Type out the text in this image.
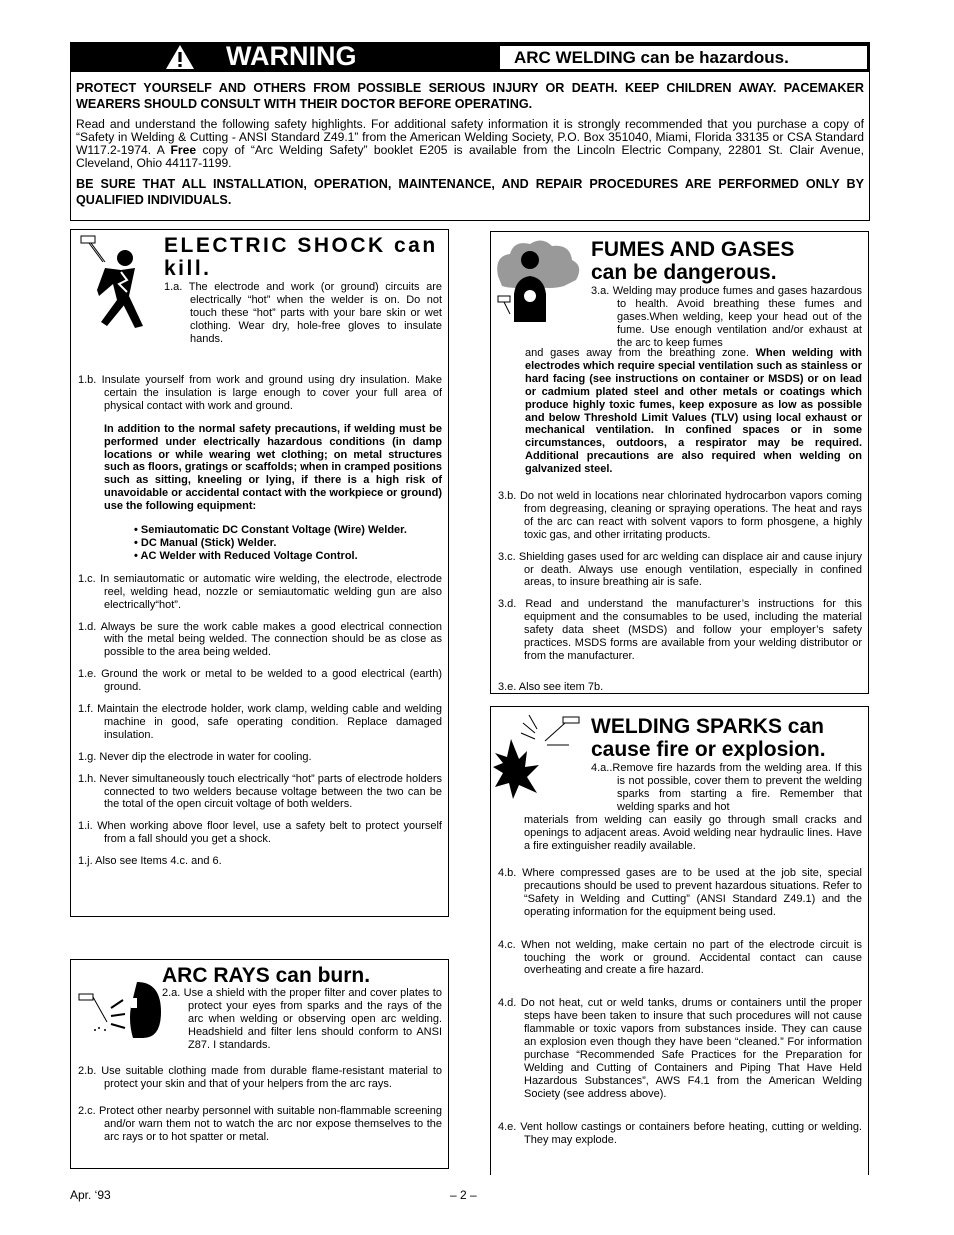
WARNING	ARC WELDING can be hazardous.

PROTECT YOURSELF AND OTHERS FROM POSSIBLE SERIOUS INJURY OR DEATH. KEEP CHILDREN AWAY. PACEMAKER WEARERS SHOULD CONSULT WITH THEIR DOCTOR BEFORE OPERATING.

Read and understand the following safety highlights. For additional safety information it is strongly recommended that you purchase a copy of “Safety in Welding & Cutting - ANSI Standard Z49.1” from the American Welding Society, P.O. Box 351040, Miami, Florida 33135 or CSA Standard W117.2-1974. A Free copy of “Arc Welding Safety” booklet E205 is available from the Lincoln Electric Company, 22801 St. Clair Avenue, Cleveland, Ohio 44117-1199.

BE SURE THAT ALL INSTALLATION, OPERATION, MAINTENANCE, AND REPAIR PROCEDURES ARE PERFORMED ONLY BY QUALIFIED INDIVIDUALS.

ELECTRIC SHOCK can kill.

1.a. The electrode and work (or ground) circuits are electrically “hot” when the welder is on. Do not touch these “hot” parts with your bare skin or wet clothing. Wear dry, hole-free gloves to insulate hands.

1.b. Insulate yourself from work and ground using dry insulation. Make certain the insulation is large enough to cover your full area of physical contact with work and ground.

In addition to the normal safety precautions, if welding must be performed under electrically hazardous conditions (in damp locations or while wearing wet clothing; on metal structures such as floors, gratings or scaffolds; when in cramped positions such as sitting, kneeling or lying, if there is a high risk of unavoidable or accidental contact with the workpiece or ground) use the following equipment:

• Semiautomatic DC Constant Voltage (Wire) Welder.

• DC Manual (Stick) Welder.

• AC Welder with Reduced Voltage Control.

1.c. In semiautomatic or automatic wire welding, the electrode, electrode reel, welding head, nozzle or semiautomatic welding gun are also electrically“hot”.

1.d. Always be sure the work cable makes a good electrical connection with the metal being welded. The connection should be as close as possible to the area being welded.

1.e. Ground the work or metal to be welded to a good electrical (earth) ground.

1.f. Maintain the electrode holder, work clamp, welding cable and welding machine in good, safe operating condition. Replace damaged insulation.

1.g. Never dip the electrode in water for cooling.

1.h. Never simultaneously touch electrically “hot” parts of electrode holders connected to two welders because voltage between the two can be the total of the open circuit voltage of both welders.

1.i. When working above floor level, use a safety belt to protect yourself from a fall should you get a shock.

1.j. Also see Items 4.c. and 6.

ARC RAYS can burn.

2.a. Use a shield with the proper filter and cover plates to protect your eyes from sparks and the rays of the arc when welding or observing open arc welding. Headshield and filter lens should conform to ANSI Z87. I standards.

2.b. Use suitable clothing made from durable flame-resistant material to protect your skin and that of your helpers from the arc rays.

2.c. Protect other nearby personnel with suitable non-flammable screening and/or warn them not to watch the arc nor expose themselves to the arc rays or to hot spatter or metal.

FUMES AND GASES
can be dangerous.

3.a. Welding may produce fumes and gases hazardous to health. Avoid breathing these fumes and gases.When welding, keep your head out of the fume. Use enough ventilation and/or exhaust at the arc to keep fumes

and gases away from the breathing zone. When welding with electrodes which require special ventilation such as stainless or hard facing (see instructions on container or MSDS) or on lead or cadmium plated steel and other metals or coatings which produce highly toxic fumes, keep exposure as low as possible and below Threshold Limit Values (TLV) using local exhaust or mechanical ventilation. In confined spaces or in some circumstances, outdoors, a respirator may be required. Additional precautions are also required when welding on galvanized steel.

3.b. Do not weld in locations near chlorinated hydrocarbon vapors coming from degreasing, cleaning or spraying operations. The heat and rays of the arc can react with solvent vapors to form phosgene, a highly toxic gas, and other irritating products.

3.c. Shielding gases used for arc welding can displace air and cause injury or death. Always use enough ventilation, especially in confined areas, to insure breathing air is safe.

3.d. Read and understand the manufacturer’s instructions for this equipment and the consumables to be used, including the material safety data sheet (MSDS) and follow your employer’s safety practices. MSDS forms are available from your welding distributor or from the manufacturer.

3.e. Also see item 7b.

WELDING SPARKS can
cause fire or explosion.

4.a..Remove fire hazards from the welding area. If this is not possible, cover them to prevent the welding sparks from starting a fire. Remember that welding sparks and hot

materials from welding can easily go through small cracks and openings to adjacent areas. Avoid welding near hydraulic lines. Have a fire extinguisher readily available.

4.b. Where compressed gases are to be used at the job site, special precautions should be used to prevent hazardous situations. Refer to “Safety in Welding and Cutting” (ANSI Standard Z49.1) and the operating information for the equipment being used.

4.c. When not welding, make certain no part of the electrode circuit is touching the work or ground. Accidental contact can cause overheating and create a fire hazard.

4.d. Do not heat, cut or weld tanks, drums or containers until the proper steps have been taken to insure that such procedures will not cause flammable or toxic vapors from substances inside. They can cause an explosion even though they have been “cleaned.” For information purchase “Recommended Safe Practices for the Preparation for Welding and Cutting of Containers and Piping That Have Held Hazardous Substances”, AWS F4.1 from the American Welding Society (see address above).

4.e. Vent hollow castings or containers before heating, cutting or welding. They may explode.

Apr. ‘93	– 2 –
